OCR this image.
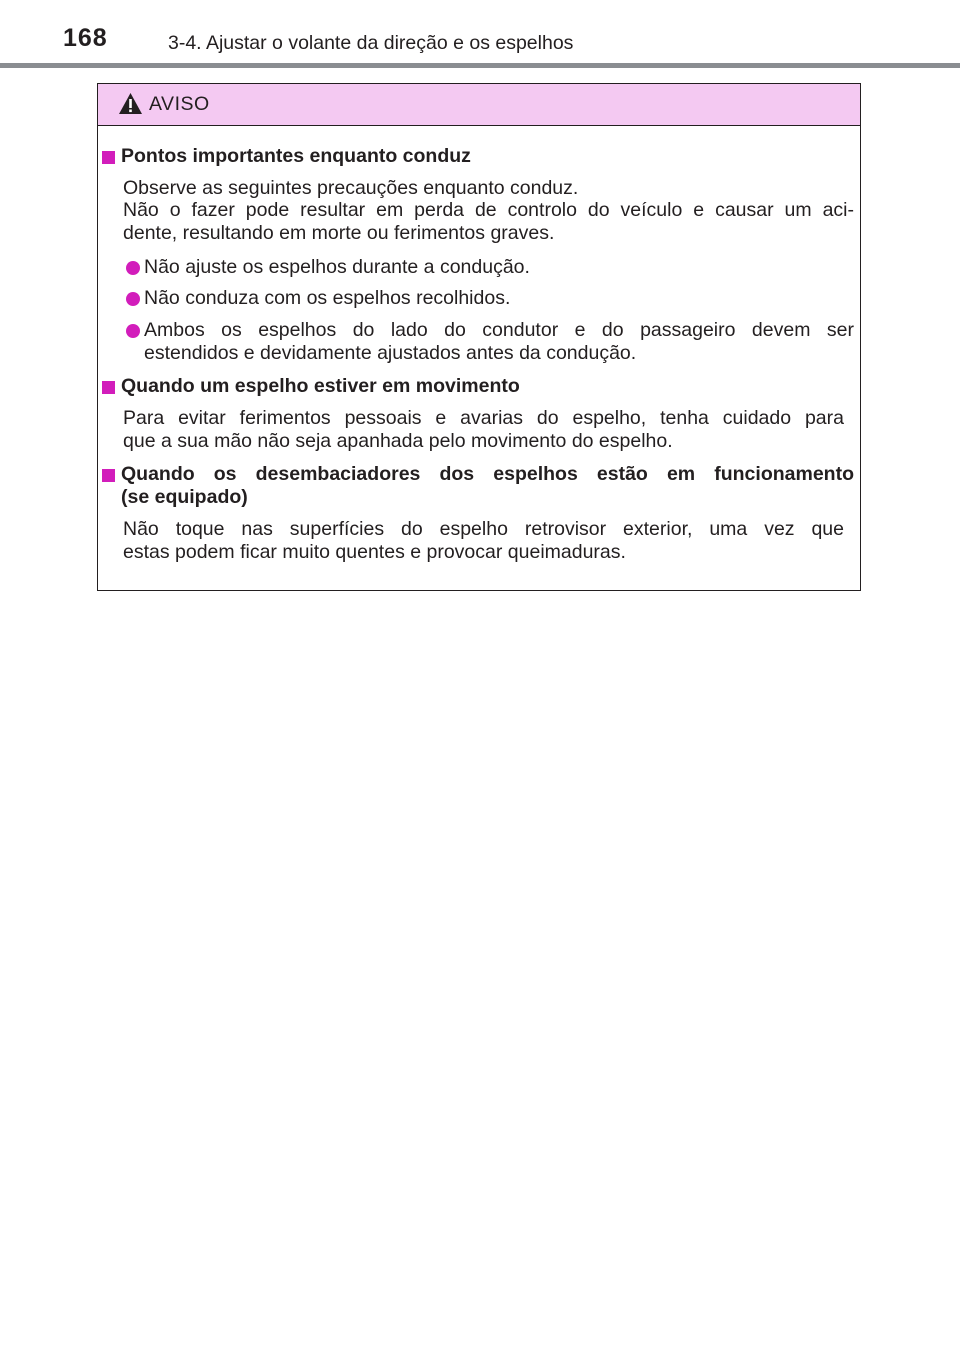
168	3-4. Ajustar o volante da direção e os espelhos
AVISO
Pontos importantes enquanto conduz
Observe as seguintes precauções enquanto conduz.
Não o fazer pode resultar em perda de controlo do veículo e causar um aci-
dente, resultando em morte ou ferimentos graves.
Não ajuste os espelhos durante a condução.
Não conduza com os espelhos recolhidos.
Ambos os espelhos do lado do condutor e do passageiro devem ser
estendidos e devidamente ajustados antes da condução.
Quando um espelho estiver em movimento
Para evitar ferimentos pessoais e avarias do espelho, tenha cuidado para
que a sua mão não seja apanhada pelo movimento do espelho.
Quando os desembaciadores dos espelhos estão em funcionamento
(se equipado)
Não toque nas superfícies do espelho retrovisor exterior, uma vez que
estas podem ficar muito quentes e provocar queimaduras.
